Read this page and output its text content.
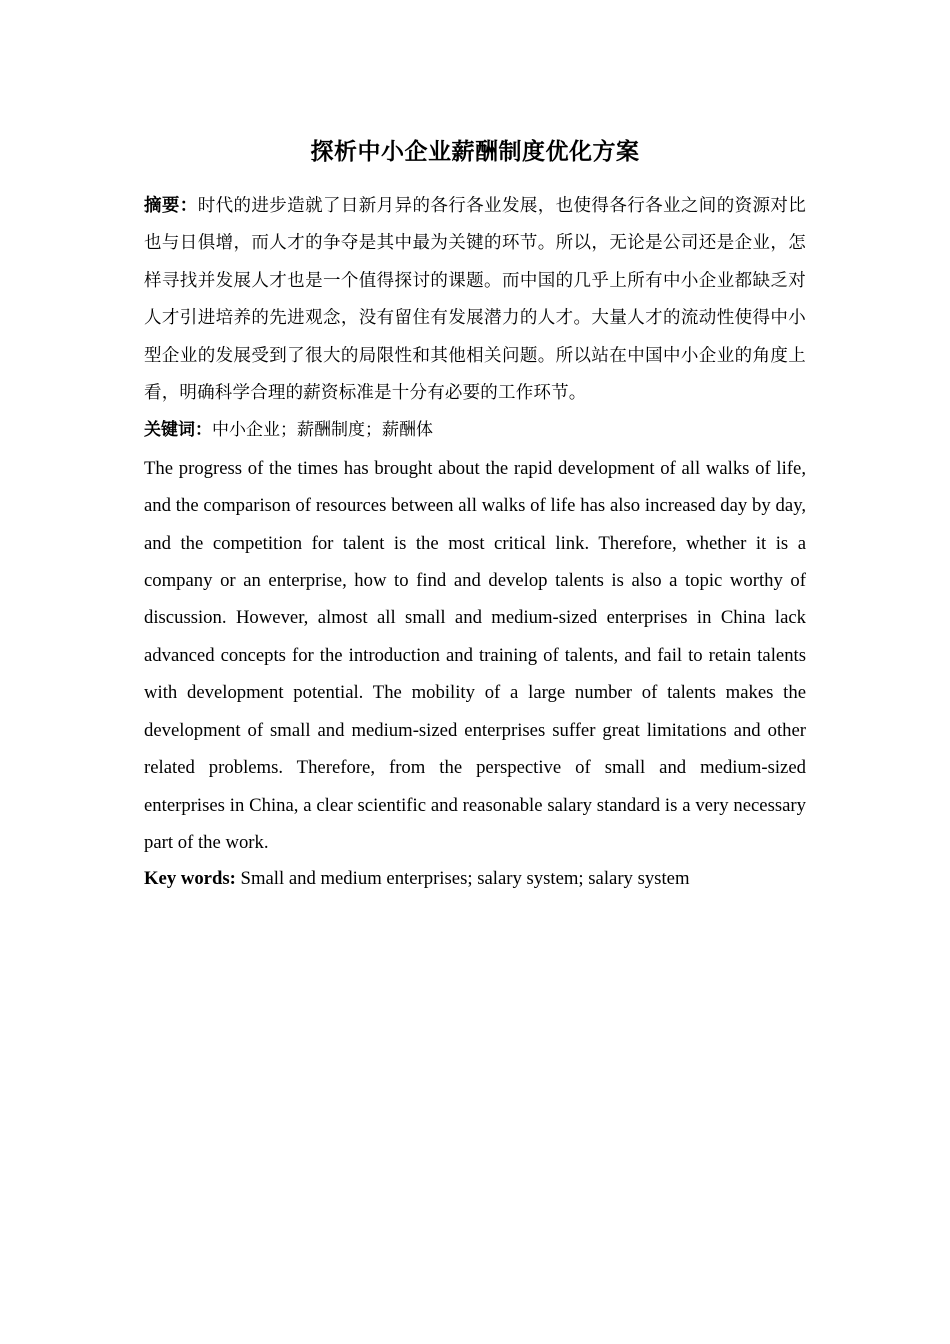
探析中小企业薪酬制度优化方案

摘要：时代的进步造就了日新月异的各行各业发展，也使得各行各业之间的资源对比也与日俱增，而人才的争夺是其中最为关键的环节。所以，无论是公司还是企业，怎样寻找并发展人才也是一个值得探讨的课题。而中国的几乎上所有中小企业都缺乏对人才引进培养的先进观念，没有留住有发展潜力的人才。大量人才的流动性使得中小型企业的发展受到了很大的局限性和其他相关问题。所以站在中国中小企业的角度上看，明确科学合理的薪资标准是十分有必要的工作环节。

关键词：中小企业；薪酬制度；薪酬体

The progress of the times has brought about the rapid development of all walks of life, and the comparison of resources between all walks of life has also increased day by day, and the competition for talent is the most critical link. Therefore, whether it is a company or an enterprise, how to find and develop talents is also a topic worthy of discussion. However, almost all small and medium-sized enterprises in China lack advanced concepts for the introduction and training of talents, and fail to retain talents with development potential. The mobility of a large number of talents makes the development of small and medium-sized enterprises suffer great limitations and other related problems. Therefore, from the perspective of small and medium-sized enterprises in China, a clear scientific and reasonable salary standard is a very necessary part of the work.

Key words: Small and medium enterprises; salary system; salary system
